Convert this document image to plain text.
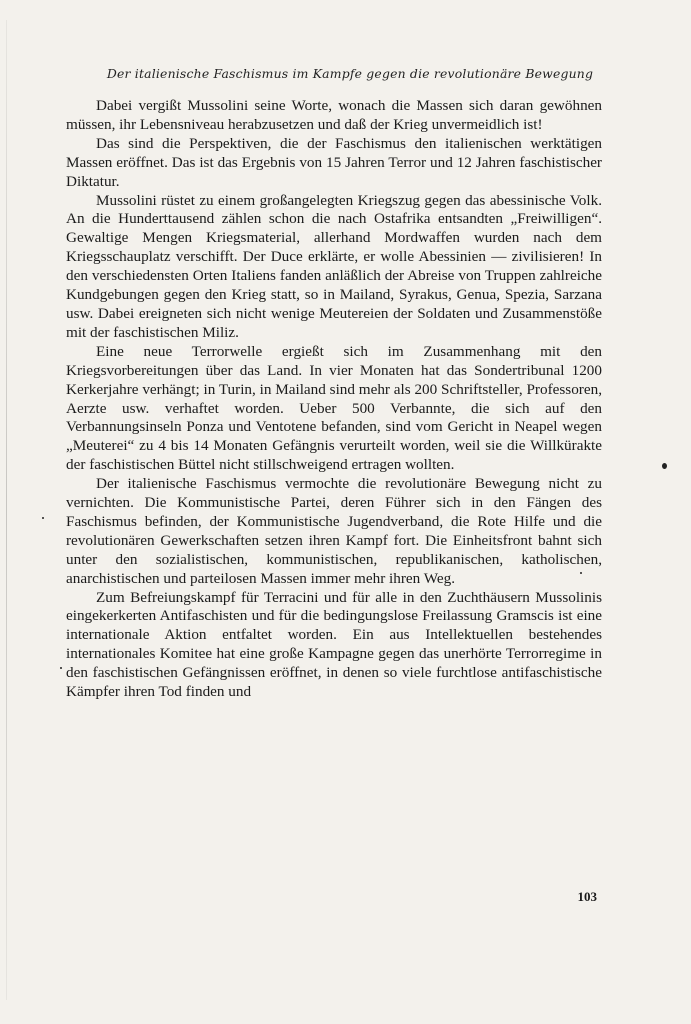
Der italienische Faschismus im Kampfe gegen die revolutionäre Bewegung

Dabei vergißt Mussolini seine Worte, wonach die Massen sich daran gewöhnen müssen, ihr Lebensniveau herabzusetzen und daß der Krieg unvermeidlich ist!

Das sind die Perspektiven, die der Faschismus den italienischen werktätigen Massen eröffnet. Das ist das Ergebnis von 15 Jahren Terror und 12 Jahren faschistischer Diktatur.

Mussolini rüstet zu einem großangelegten Kriegszug gegen das abessinische Volk. An die Hunderttausend zählen schon die nach Ostafrika entsandten „Freiwilligen“. Gewaltige Mengen Kriegsmaterial, allerhand Mordwaffen wurden nach dem Kriegsschauplatz verschifft. Der Duce erklärte, er wolle Abessinien — zivilisieren! In den verschiedensten Orten Italiens fanden anläßlich der Abreise von Truppen zahlreiche Kundgebungen gegen den Krieg statt, so in Mailand, Syrakus, Genua, Spezia, Sarzana usw. Dabei ereigneten sich nicht wenige Meutereien der Soldaten und Zusammenstöße mit der faschistischen Miliz.

Eine neue Terrorwelle ergießt sich im Zusammenhang mit den Kriegsvorbereitungen über das Land. In vier Monaten hat das Sondertribunal 1200 Kerkerjahre verhängt; in Turin, in Mailand sind mehr als 200 Schriftsteller, Professoren, Aerzte usw. verhaftet worden. Ueber 500 Verbannte, die sich auf den Verbannungsinseln Ponza und Ventotene befanden, sind vom Gericht in Neapel wegen „Meuterei“ zu 4 bis 14 Monaten Gefängnis verurteilt worden, weil sie die Willkürakte der faschistischen Büttel nicht stillschweigend ertragen wollten.

Der italienische Faschismus vermochte die revolutionäre Bewegung nicht zu vernichten. Die Kommunistische Partei, deren Führer sich in den Fängen des Faschismus befinden, der Kommunistische Jugendverband, die Rote Hilfe und die revolutionären Gewerkschaften setzen ihren Kampf fort. Die Einheitsfront bahnt sich unter den sozialistischen, kommunistischen, republikanischen, katholischen, anarchistischen und parteilosen Massen immer mehr ihren Weg.

Zum Befreiungskampf für Terracini und für alle in den Zuchthäusern Mussolinis eingekerkerten Antifaschisten und für die bedingungslose Freilassung Gramscis ist eine internationale Aktion entfaltet worden. Ein aus Intellektuellen bestehendes internationales Komitee hat eine große Kampagne gegen das unerhörte Terrorregime in den faschistischen Gefängnissen eröffnet, in denen so viele furchtlose antifaschistische Kämpfer ihren Tod finden und

103
